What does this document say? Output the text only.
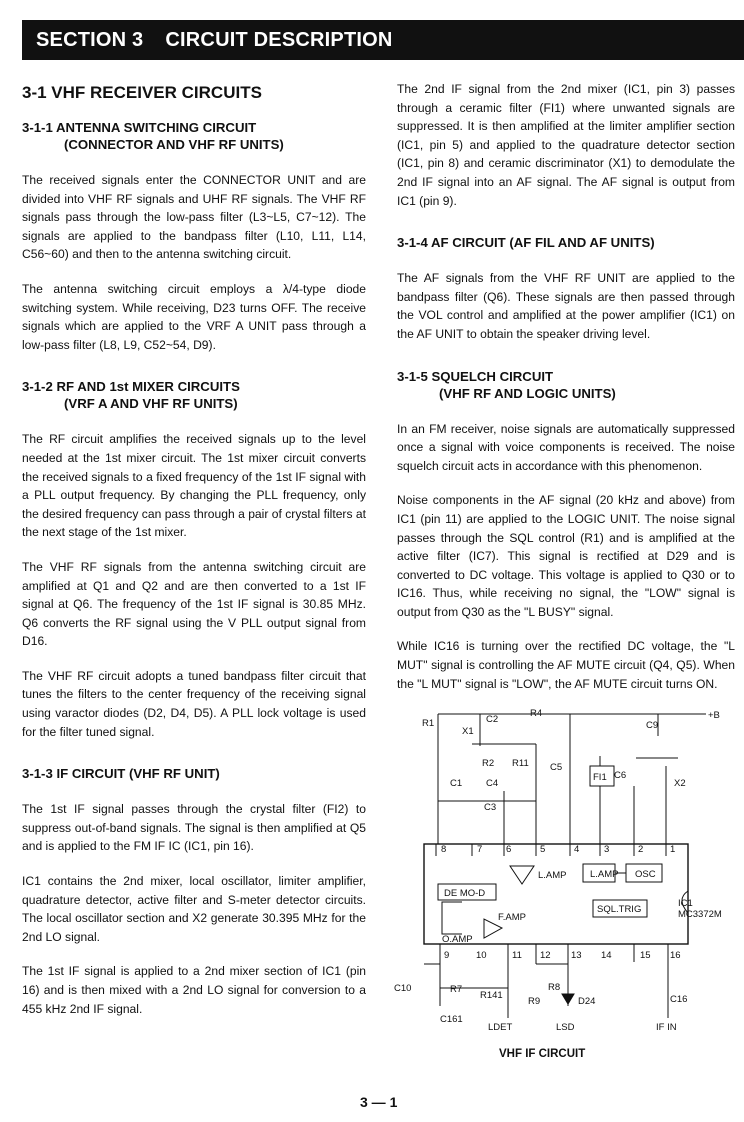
SECTION 3 CIRCUIT DESCRIPTION
3-1 VHF RECEIVER CIRCUITS
3-1-1 ANTENNA SWITCHING CIRCUIT
(CONNECTOR AND VHF RF UNITS)

The received signals enter the CONNECTOR UNIT and are divided into VHF RF signals and UHF RF signals. The VHF RF signals pass through the low-pass filter (L3~L5, C7~12). The signals are applied to the bandpass filter (L10, L11, L14, C56~60) and then to the antenna switching circuit.

The antenna switching circuit employs a λ/4-type diode switching system. While receiving, D23 turns OFF. The receive signals which are applied to the VRF A UNIT pass through a low-pass filter (L8, L9, C52~54, D9).

3-1-2 RF AND 1st MIXER CIRCUITS
(VRF A AND VHF RF UNITS)

The RF circuit amplifies the received signals up to the level needed at the 1st mixer circuit. The 1st mixer circuit converts the received signals to a fixed frequency of the 1st IF signal with a PLL output frequency. By changing the PLL frequency, only the desired frequency can pass through a pair of crystal filters at the next stage of the 1st mixer.

The VHF RF signals from the antenna switching circuit are amplified at Q1 and Q2 and are then converted to a 1st IF signal at Q6. The frequency of the 1st IF signal is 30.85 MHz. Q6 converts the RF signal using the V PLL output signal from D16.

The VHF RF circuit adopts a tuned bandpass filter circuit that tunes the filters to the center frequency of the receiving signal using varactor diodes (D2, D4, D5). A PLL lock voltage is used for the filter tuned signal.

3-1-3 IF CIRCUIT (VHF RF UNIT)

The 1st IF signal passes through the crystal filter (FI2) to suppress out-of-band signals. The signal is then amplified at Q5 and is applied to the FM IF IC (IC1, pin 16).

IC1 contains the 2nd mixer, local oscillator, limiter amplifier, quadrature detector, active filter and S-meter detector circuits. The local oscillator section and X2 generate 30.395 MHz for the 2nd LO signal.

The 1st IF signal is applied to a 2nd mixer section of IC1 (pin 16) and is then mixed with a 2nd LO signal for conversion to a 455 kHz 2nd IF signal.

The 2nd IF signal from the 2nd mixer (IC1, pin 3) passes through a ceramic filter (FI1) where unwanted signals are suppressed. It is then amplified at the limiter amplifier section (IC1, pin 5) and applied to the quadrature detector section (IC1, pin 8) and ceramic discriminator (X1) to demodulate the 2nd IF signal into an AF signal. The AF signal is output from IC1 (pin 9).

3-1-4 AF CIRCUIT (AF FIL AND AF UNITS)

The AF signals from the VHF RF UNIT are applied to the bandpass filter (Q6). These signals are then passed through the VOL control and amplified at the power amplifier (IC1) on the AF UNIT to obtain the speaker driving level.

3-1-5 SQUELCH CIRCUIT
(VHF RF AND LOGIC UNITS)

In an FM receiver, noise signals are automatically suppressed once a signal with voice components is received. The noise squelch circuit acts in accordance with this phenomenon.

Noise components in the AF signal (20 kHz and above) from IC1 (pin 11) are applied to the LOGIC UNIT. The noise signal passes through the SQL control (R1) and is amplified at the active filter (IC7). This signal is rectified at D29 and is converted to DC voltage. This voltage is applied to Q30 or to IC16. Thus, while receiving no signal, the "LOW" signal is output from Q30 as the "L BUSY" signal.

While IC16 is turning over the rectified DC voltage, the "L MUT" signal is controlling the AF MUTE circuit (Q4, Q5). When the "L MUT" signal is "LOW", the AF MUTE circuit turns ON.

+B
IC1
MC3372M
L.AMP OSC
L.AMP
DE MO-D
SQL.TRIG
F.AMP
O.AMP
8	7 6	5	4	3	2	1
9	10	11 12 13 14	15 16
FI1
R1	C2
X1
R4
C9
R2 R11 C5
C1	C4
C3
C6
X2
C10	R7
R141
C161
R8
R9	D24	C16
LDET	LSD	IF IN
VHF IF CIRCUIT
3 — 1
